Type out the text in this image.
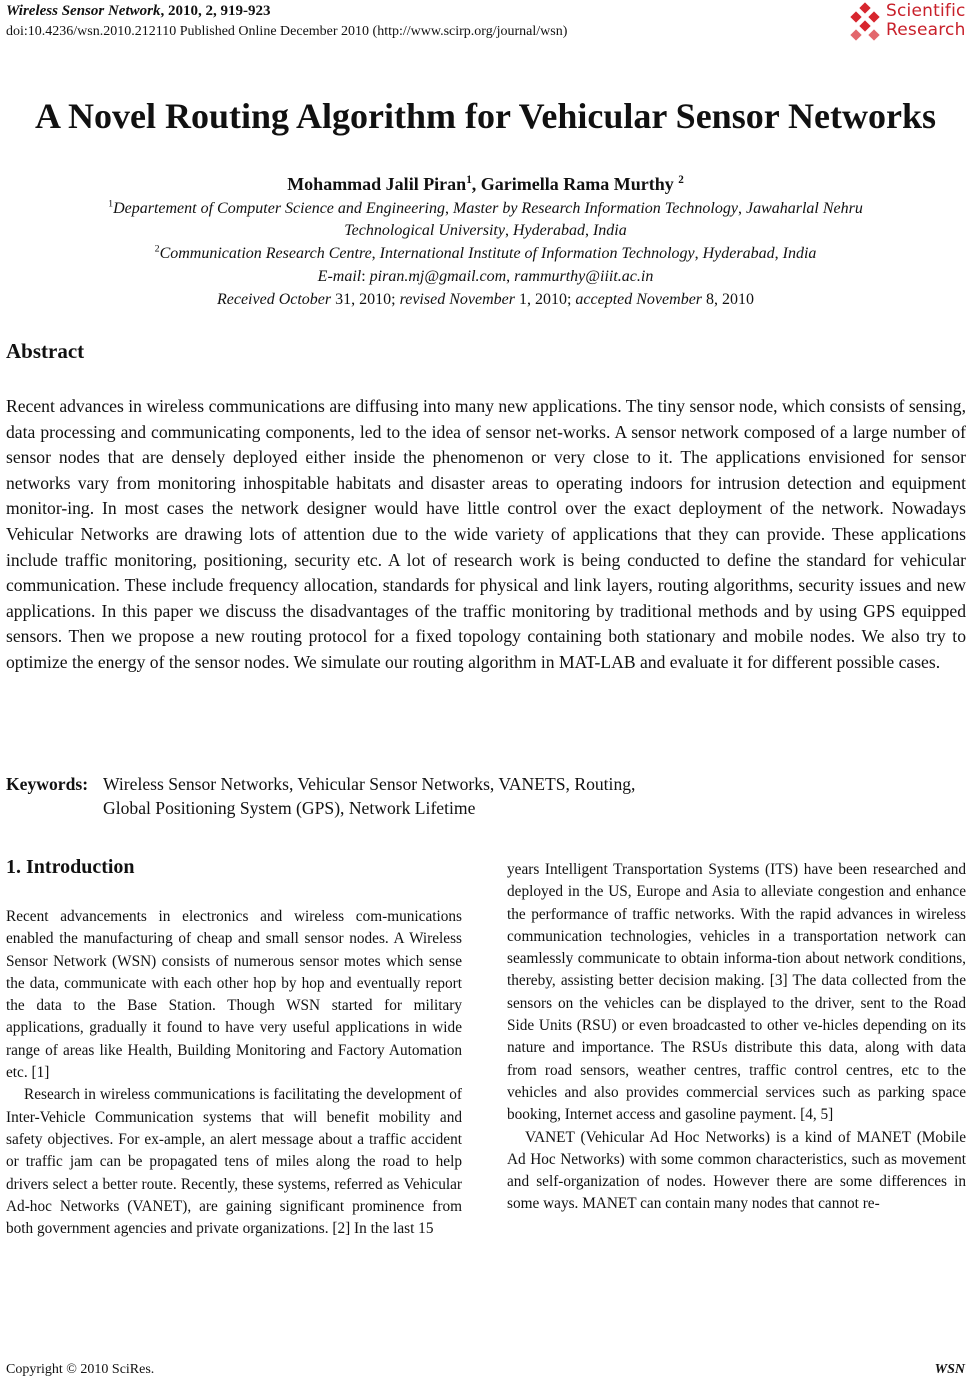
Wireless Sensor Network, 2010, 2, 919-923
doi:10.4236/wsn.2010.212110 Published Online December 2010 (http://www.scirp.org/journal/wsn)
Scientific
Research
A Novel Routing Algorithm for Vehicular Sensor Networks
Mohammad Jalil Piran$^1$, Garimella Rama Murthy $^2$
$^1$Departement of Computer Science and Engineering, Master by Research Information Technology, Jawaharlal Nehru
Technological University, Hyderabad, India
$^2$Communication Research Centre, International Institute of Information Technology, Hyderabad, India
E-mail: piran.mj@gmail.com, rammurthy@iiit.ac.in
Received October 31, 2010; revised November 1, 2010; accepted November 8, 2010
Abstract
Recent advances in wireless communications are diffusing into many new applications. The tiny sensor node, which consists of sensing, data processing and communicating components, led to the idea of sensor net-works. A sensor network composed of a large number of sensor nodes that are densely deployed either inside the phenomenon or very close to it. The applications envisioned for sensor networks vary from monitoring inhospitable habitats and disaster areas to operating indoors for intrusion detection and equipment monitor-ing. In most cases the network designer would have little control over the exact deployment of the network. Nowadays Vehicular Networks are drawing lots of attention due to the wide variety of applications that they can provide. These applications include traffic monitoring, positioning, security etc. A lot of research work is being conducted to define the standard for vehicular communication. These include frequency allocation, standards for physical and link layers, routing algorithms, security issues and new applications. In this paper we discuss the disadvantages of the traffic monitoring by traditional methods and by using GPS equipped sensors. Then we propose a new routing protocol for a fixed topology containing both stationary and mobile nodes. We also try to optimize the energy of the sensor nodes. We simulate our routing algorithm in MAT-LAB and evaluate it for different possible cases.
Keywords: Wireless Sensor Networks, Vehicular Sensor Networks, VANETS, Routing,
Global Positioning System (GPS), Network Lifetime
1. Introduction

Recent advancements in electronics and wireless com-munications enabled the manufacturing of cheap and small sensor nodes. A Wireless Sensor Network (WSN) consists of numerous sensor motes which sense the data, communicate with each other hop by hop and eventually report the data to the Base Station. Though WSN started for military applications, gradually it found to have very useful applications in wide range of areas like Health, Building Monitoring and Factory Automation etc. [1]

Research in wireless communications is facilitating the development of Inter-Vehicle Communication systems that will benefit mobility and safety objectives. For ex-ample, an alert message about a traffic accident or traffic jam can be propagated tens of miles along the road to help drivers select a better route. Recently, these systems, referred as Vehicular Ad-hoc Networks (VANET), are gaining significant prominence from both government agencies and private organizations. [2] In the last 15

years Intelligent Transportation Systems (ITS) have been researched and deployed in the US, Europe and Asia to alleviate congestion and enhance the performance of traffic networks. With the rapid advances in wireless communication technologies, vehicles in a transportation network can seamlessly communicate to obtain informa-tion about network conditions, thereby, assisting better decision making. [3] The data collected from the sensors on the vehicles can be displayed to the driver, sent to the Road Side Units (RSU) or even broadcasted to other ve-hicles depending on its nature and importance. The RSUs distribute this data, along with data from road sensors, weather centres, traffic control centres, etc to the vehicles and also provides commercial services such as parking space booking, Internet access and gasoline payment. [4, 5]

VANET (Vehicular Ad Hoc Networks) is a kind of MANET (Mobile Ad Hoc Networks) with some common characteristics, such as movement and self-organization of nodes. However there are some differences in some ways. MANET can contain many nodes that cannot re-

Copyright © 2010 SciRes.	WSN
